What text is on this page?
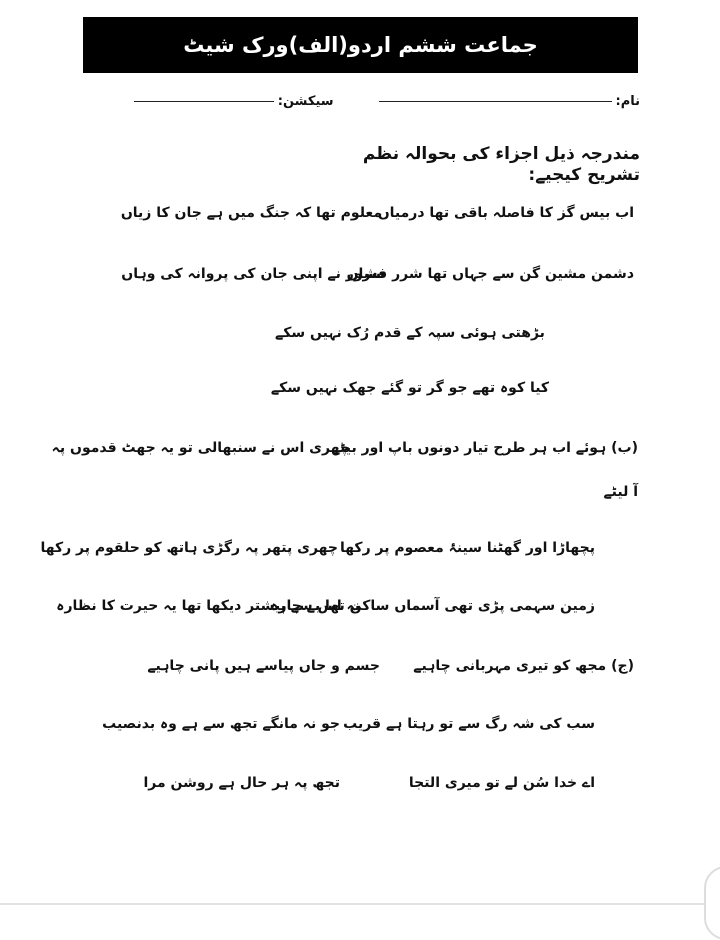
جماعت ششم اردو(الف)ورک شیٹ
نام:
سیکشن:
مندرجہ ذیل اجزاء کی بحوالہ نظم تشریح کیجیے:
اب بیس گز کا فاصلہ باقی تھا درمیاں
معلوم تھا کہ جنگ میں ہے جان کا زیاں
دشمن مشین گن سے جہاں تھا شرر فشاں
سرور نے اپنی جان کی پروانہ کی وہاں
بڑھتی ہوئی سپہ کے قدم رُک نہیں سکے
کیا کوہ تھے جو گر تو گئے جھک نہیں سکے
(ب) ہوئے اب ہر طرح تیار دونوں باپ اور بیٹے
چھری اس نے سنبھالی تو یہ جھٹ قدموں پہ
آ لیٹے
پچھاڑا اور گھٹنا سینۂ معصوم پر رکھا
چھری پتھر پہ رگڑی ہاتھ کو حلقوم پر رکھا
زمین سہمی پڑی تھی آسماں ساکن تھا بے چارہ
نہ اس سے پیشتر دیکھا تھا یہ حیرت کا نظارہ
(ج) مجھ کو تیری مہربانی چاہیے
جسم و جاں پیاسے ہیں پانی چاہیے
سب کی شہ رگ سے تو رہتا ہے قریب
جو نہ مانگے تجھ سے ہے وہ بدنصیب
اے خدا سُن لے تو میری التجا
تجھ پہ ہر حال ہے روشن مرا
